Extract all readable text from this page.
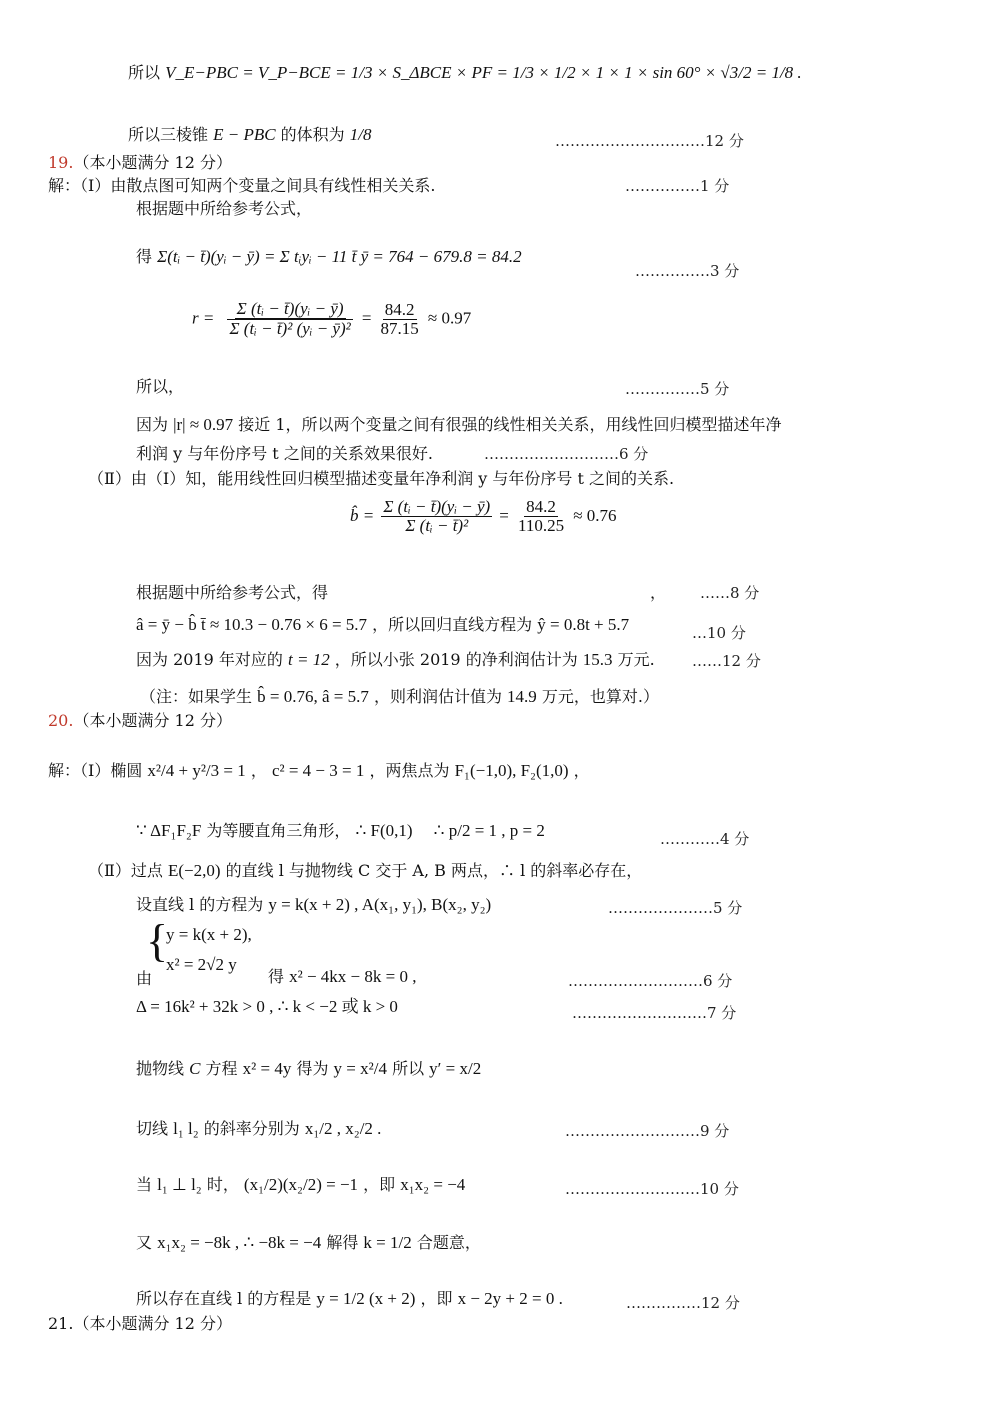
所以 V_E−PBC = V_P−BCE = 1/3 × S_ΔBCE × PF = 1/3 × 1/2 × 1 × 1 × sin 60° × √3/2 = 1/8 .
所以三棱锥 E − PBC 的体积为 1/8	…………………………12 分
19.（本小题满分 12 分）
解：（Ⅰ）由散点图可知两个变量之间具有线性相关关系.	……………1 分
根据题中所给参考公式，
得 Σ(tᵢ − t̄)(yᵢ − ȳ) = Σ tᵢyᵢ − 11 t̄ ȳ = 764 − 679.8 = 84.2
……………3 分
所以，
$r = \frac{\text{Σ (tᵢ − t̄)(yᵢ − ȳ)}}{\text{Σ (tᵢ − t̄)² (yᵢ − ȳ)²}} = \frac{84.2}{87.15} \approx 0.97$
……………5 分
因为 |r| ≈ 0.97 接近 1，所以两个变量之间有很强的线性相关关系，用线性回归模型描述年净
利润 y 与年份序号 t 之间的关系效果很好.	………………………6 分
（Ⅱ）由（Ⅰ）知，能用线性回归模型描述变量年净利润 y 与年份序号 t 之间的关系.
b̂ = $\frac{\text{Σ (tᵢ − t̄)(yᵢ − ȳ)}}{\text{Σ (tᵢ − t̄)²}} = \frac{84.2}{110.25} \approx 0.76$
根据题中所给参考公式，得	， ……8 分
â = ȳ − b̂ t̄ ≈ 10.3 − 0.76 × 6 = 5.7 ，所以回归直线方程为 ŷ = 0.8t + 5.7	…10 分
因为 2019 年对应的 t = 12 ，所以小张 2019 的净利润估计为 15.3 万元. ……12 分
（注：如果学生 b̂ = 0.76, â = 5.7 ，则利润估计值为 14.9 万元，也算对.）
20.（本小题满分 12 分）
解：（Ⅰ）椭圆 x²/4 + y²/3 = 1 ， c² = 4 − 3 = 1 ，两焦点为 F₁(−1,0), F₂(1,0) ，
∵ ΔF₁F₂F 为等腰直角三角形， ∴ F(0,1) ∴ p/2 = 1 , p = 2	…………4 分
（Ⅱ）过点 E(−2,0) 的直线 l 与抛物线 C 交于 A, B 两点，∴ l 的斜率必存在，
设直线 l 的方程为 y = k(x + 2) , A(x₁, y₁), B(x₂, y₂)	…………………5 分
{
y = k(x + 2),
x² = 2√2 y
由	得 x² − 4kx − 8k = 0 ,	………………………6 分
Δ = 16k² + 32k > 0 , ∴ k < −2 或 k > 0	………………………7 分
抛物线 C 方程 x² = 4y 得为 y = x²/4 所以 y′ = x/2
切线 l₁ l₂ 的斜率分别为 x₁/2 , x₂/2 .	………………………9 分
当 l₁ ⊥ l₂ 时， (x₁/2)(x₂/2) = −1 ，即 x₁x₂ = −4	………………………10 分
又 x₁x₂ = −8k , ∴ −8k = −4 解得 k = 1/2 合题意，
所以存在直线 l 的方程是 y = 1/2 (x + 2) ，即 x − 2y + 2 = 0 .	……………12 分
21.（本小题满分 12 分）
